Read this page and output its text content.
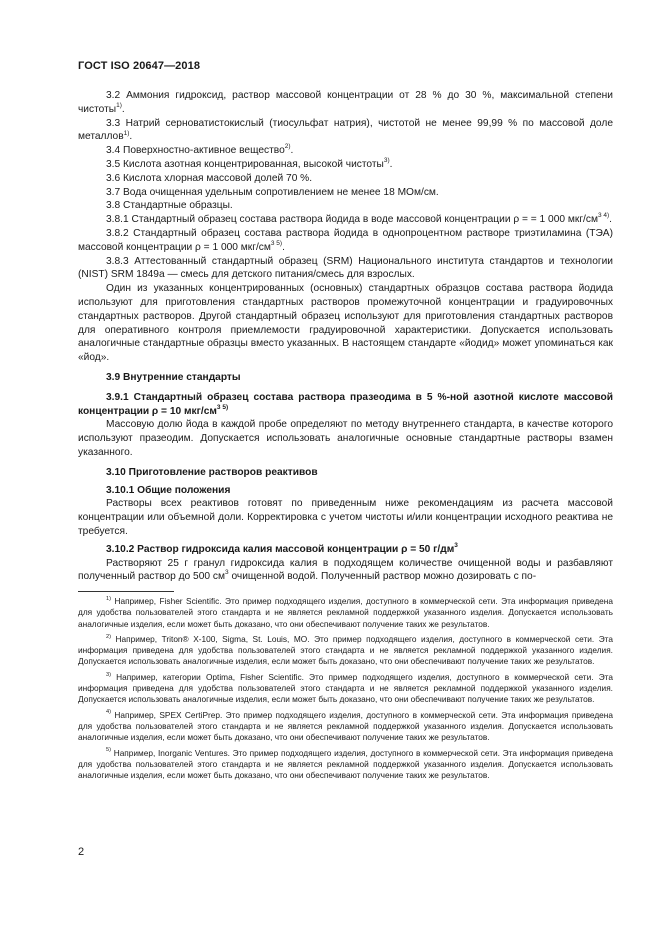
ГОСТ ISO 20647—2018

3.2 Аммония гидроксид, раствор массовой концентрации от 28 % до 30 %, максимальной степени чистоты$^{1)}$.

3.3 Натрий серноватистокислый (тиосульфат натрия), чистотой не менее 99,99 % по массовой доле металлов$^{1)}$.

3.4 Поверхностно-активное вещество$^{2)}$.

3.5 Кислота азотная концентрированная, высокой чистоты$^{3)}$.

3.6 Кислота хлорная массовой долей 70 %.

3.7 Вода очищенная удельным сопротивлением не менее 18 МОм/см.

3.8 Стандартные образцы.

3.8.1 Стандартный образец состава раствора йодида в воде массовой концентрации ρ = = 1 000 мкг/$см^{3 4)}$.

3.8.2 Стандартный образец состава раствора йодида в однопроцентном растворе триэтиламина (ТЭА) массовой концентрации ρ = 1 000 мкг/$см^{3 5)}$.

3.8.3 Аттестованный стандартный образец (SRM) Национального института стандартов и технологии (NIST) SRM 1849a — смесь для детского питания/смесь для взрослых.

Один из указанных концентрированных (основных) стандартных образцов состава раствора йодида используют для приготовления стандартных растворов промежуточной концентрации и градуировочных стандартных растворов. Другой стандартный образец используют для приготовления стандартных растворов для оперативного контроля приемлемости градуировочной характеристики. Допускается использовать аналогичные стандартные образцы вместо указанных. В настоящем стандарте «йодид» может упоминаться как «йод».

3.9 Внутренние стандарты

3.9.1 Стандартный образец состава раствора празеодима в 5 %-ной азотной кислоте массовой концентрации ρ = 10 мкг/$см^{3 5)}$

Массовую долю йода в каждой пробе определяют по методу внутреннего стандарта, в качестве которого используют празеодим. Допускается использовать аналогичные основные стандартные растворы взамен указанного.

3.10 Приготовление растворов реактивов

3.10.1 Общие положения

Растворы всех реактивов готовят по приведенным ниже рекомендациям из расчета массовой концентрации или объемной доли. Корректировка с учетом чистоты и/или концентрации исходного реактива не требуется.

3.10.2 Раствор гидроксида калия массовой концентрации ρ = 50 $г/дм^3$

Растворяют 25 г гранул гидроксида калия в подходящем количестве очищенной воды и разбавляют полученный раствор до 500 $см^3$ очищенной водой. Полученный раствор можно дозировать с по-

$^{1)}$ Например, Fisher Scientific. Это пример подходящего изделия, доступного в коммерческой сети. Эта информация приведена для удобства пользователей этого стандарта и не является рекламной поддержкой указанного изделия. Допускается использовать аналогичные изделия, если может быть доказано, что они обеспечивают получение таких же результатов.

$^{2)}$ Например, Triton® X-100, Sigma, St. Louis, MO. Это пример подходящего изделия, доступного в коммерческой сети. Эта информация приведена для удобства пользователей этого стандарта и не является рекламной поддержкой указанного изделия. Допускается использовать аналогичные изделия, если может быть доказано, что они обеспечивают получение таких же результатов.

$^{3)}$ Например, категории Optima, Fisher Scientific. Это пример подходящего изделия, доступного в коммерческой сети. Эта информация приведена для удобства пользователей этого стандарта и не является рекламной поддержкой указанного изделия. Допускается использовать аналогичные изделия, если может быть доказано, что они обеспечивают получение таких же результатов.

$^{4)}$ Например, SPEX CertiPrep. Это пример подходящего изделия, доступного в коммерческой сети. Эта информация приведена для удобства пользователей этого стандарта и не является рекламной поддержкой указанного изделия. Допускается использовать аналогичные изделия, если может быть доказано, что они обеспечивают получение таких же результатов.

$^{5)}$ Например, Inorganic Ventures. Это пример подходящего изделия, доступного в коммерческой сети. Эта информация приведена для удобства пользователей этого стандарта и не является рекламной поддержкой указанного изделия. Допускается использовать аналогичные изделия, если может быть доказано, что они обеспечивают получение таких же результатов.

2
